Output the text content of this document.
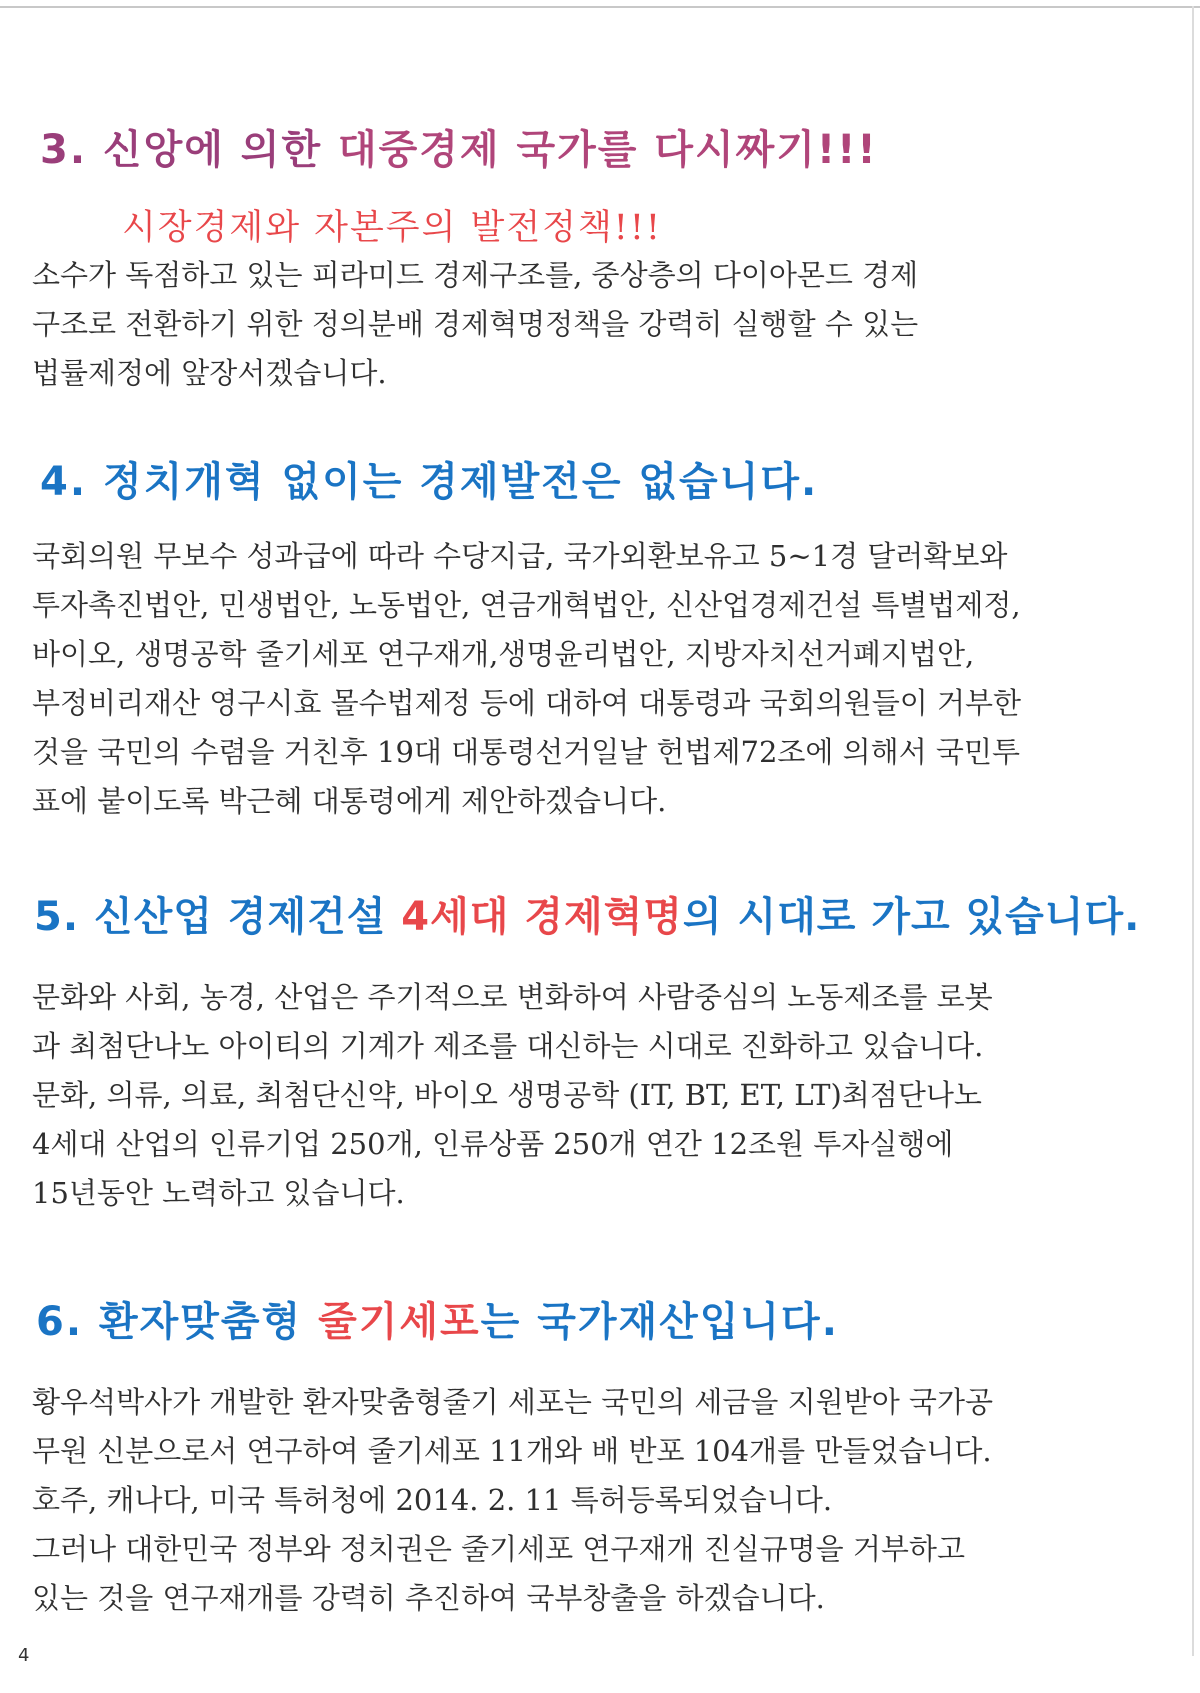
3. 신앙에 의한 대중경제 국가를 다시짜기!!!
시장경제와 자본주의 발전정책!!!

소수가 독점하고 있는 피라미드 경제구조를, 중상층의 다이아몬드 경제
구조로 전환하기 위한 정의분배 경제혁명정책을 강력히 실행할 수 있는
법률제정에 앞장서겠습니다.

4. 정치개혁 없이는 경제발전은 없습니다.

국회의원 무보수 성과급에 따라 수당지급, 국가외환보유고 5~1경 달러확보와
투자촉진법안, 민생법안, 노동법안, 연금개혁법안, 신산업경제건설 특별법제정,
바이오, 생명공학 줄기세포 연구재개,생명윤리법안, 지방자치선거폐지법안,
부정비리재산 영구시효 몰수법제정 등에 대하여 대통령과 국회의원들이 거부한
것을 국민의 수렴을 거친후 19대 대통령선거일날 헌법제72조에 의해서 국민투
표에 붙이도록 박근혜 대통령에게 제안하겠습니다.

5. 신산업 경제건설 4세대 경제혁명의 시대로 가고 있습니다.

문화와 사회, 농경, 산업은 주기적으로 변화하여 사람중심의 노동제조를 로봇
과 최첨단나노 아이티의 기계가 제조를 대신하는 시대로 진화하고 있습니다.
문화, 의류, 의료, 최첨단신약, 바이오 생명공학 (IT, BT, ET, LT)최점단나노
4세대 산업의 인류기업 250개, 인류상품 250개 연간 12조원 투자실행에
15년동안 노력하고 있습니다.

6. 환자맞춤형 줄기세포는 국가재산입니다.

황우석박사가 개발한 환자맞춤형줄기 세포는 국민의 세금을 지원받아 국가공
무원 신분으로서 연구하여 줄기세포 11개와 배 반포 104개를 만들었습니다.
호주, 캐나다, 미국 특허청에 2014. 2. 11 특허등록되었습니다.
그러나 대한민국 정부와 정치권은 줄기세포 연구재개 진실규명을 거부하고
있는 것을 연구재개를 강력히 추진하여 국부창출을 하겠습니다.

4
